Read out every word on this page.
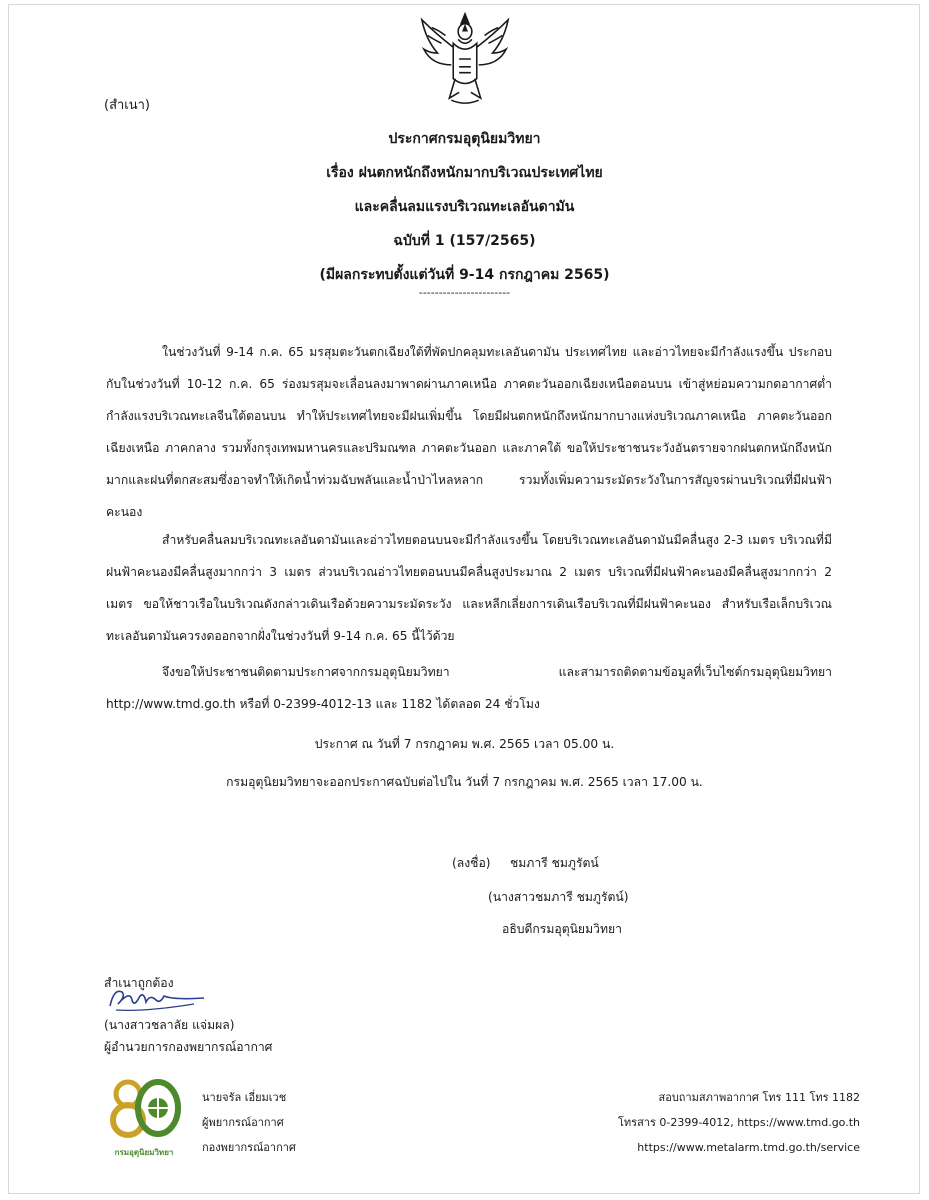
(สำเนา)
ประกาศกรมอุตุนิยมวิทยา
เรื่อง ฝนตกหนักถึงหนักมากบริเวณประเทศไทย
และคลื่นลมแรงบริเวณทะเลอันดามัน
ฉบับที่ 1 (157/2565)
(มีผลกระทบตั้งแต่วันที่ 9-14 กรกฎาคม 2565)
-----------------------
ในช่วงวันที่ 9-14 ก.ค. 65 มรสุมตะวันตกเฉียงใต้ที่พัดปกคลุมทะเลอันดามัน ประเทศไทย และอ่าวไทยจะมีกำลังแรงขึ้น ประกอบกับในช่วงวันที่ 10-12 ก.ค. 65 ร่องมรสุมจะเลื่อนลงมาพาดผ่านภาคเหนือ ภาคตะวันออกเฉียงเหนือตอนบน เข้าสู่หย่อมความกดอากาศต่ำกำลังแรงบริเวณทะเลจีนใต้ตอนบน ทำให้ประเทศไทยจะมีฝนเพิ่มขึ้น โดยมีฝนตกหนักถึงหนักมากบางแห่งบริเวณภาคเหนือ ภาคตะวันออกเฉียงเหนือ ภาคกลาง รวมทั้งกรุงเทพมหานครและปริมณฑล ภาคตะวันออก และภาคใต้ ขอให้ประชาชนระวังอันตรายจากฝนตกหนักถึงหนักมากและฝนที่ตกสะสมซึ่งอาจทำให้เกิดน้ำท่วมฉับพลันและน้ำป่าไหลหลาก รวมทั้งเพิ่มความระมัดระวังในการสัญจรผ่านบริเวณที่มีฝนฟ้าคะนอง
สำหรับคลื่นลมบริเวณทะเลอันดามันและอ่าวไทยตอนบนจะมีกำลังแรงขึ้น โดยบริเวณทะเลอันดามันมีคลื่นสูง 2-3 เมตร บริเวณที่มีฝนฟ้าคะนองมีคลื่นสูงมากกว่า 3 เมตร ส่วนบริเวณอ่าวไทยตอนบนมีคลื่นสูงประมาณ 2 เมตร บริเวณที่มีฝนฟ้าคะนองมีคลื่นสูงมากกว่า 2 เมตร ขอให้ชาวเรือในบริเวณดังกล่าวเดินเรือด้วยความระมัดระวัง และหลีกเลี่ยงการเดินเรือบริเวณที่มีฝนฟ้าคะนอง สำหรับเรือเล็กบริเวณทะเลอันดามันควรงดออกจากฝั่งในช่วงวันที่ 9-14 ก.ค. 65 นี้ไว้ด้วย
จึงขอให้ประชาชนติดตามประกาศจากกรมอุตุนิยมวิทยา และสามารถติดตามข้อมูลที่เว็บไซต์กรมอุตุนิยมวิทยา http://www.tmd.go.th หรือที่ 0-2399-4012-13 และ 1182 ได้ตลอด 24 ชั่วโมง
ประกาศ ณ วันที่ 7 กรกฎาคม พ.ศ. 2565 เวลา 05.00 น.
กรมอุตุนิยมวิทยาจะออกประกาศฉบับต่อไปใน วันที่ 7 กรกฎาคม พ.ศ. 2565 เวลา 17.00 น.
(ลงชื่อ) ชมภารี ชมภูรัตน์
(นางสาวชมภารี ชมภูรัตน์)
อธิบดีกรมอุตุนิยมวิทยา
สำเนาถูกต้อง
(นางสาวชลาลัย แจ่มผล)
ผู้อำนวยการกองพยากรณ์อากาศ
กรมอุตุนิยมวิทยา
นายจรัล เอี่ยมเวช
ผู้พยากรณ์อากาศ
กองพยากรณ์อากาศ
สอบถามสภาพอากาศ โทร 111 โทร 1182
โทรสาร 0-2399-4012, https://www.tmd.go.th
https://www.metalarm.tmd.go.th/service
